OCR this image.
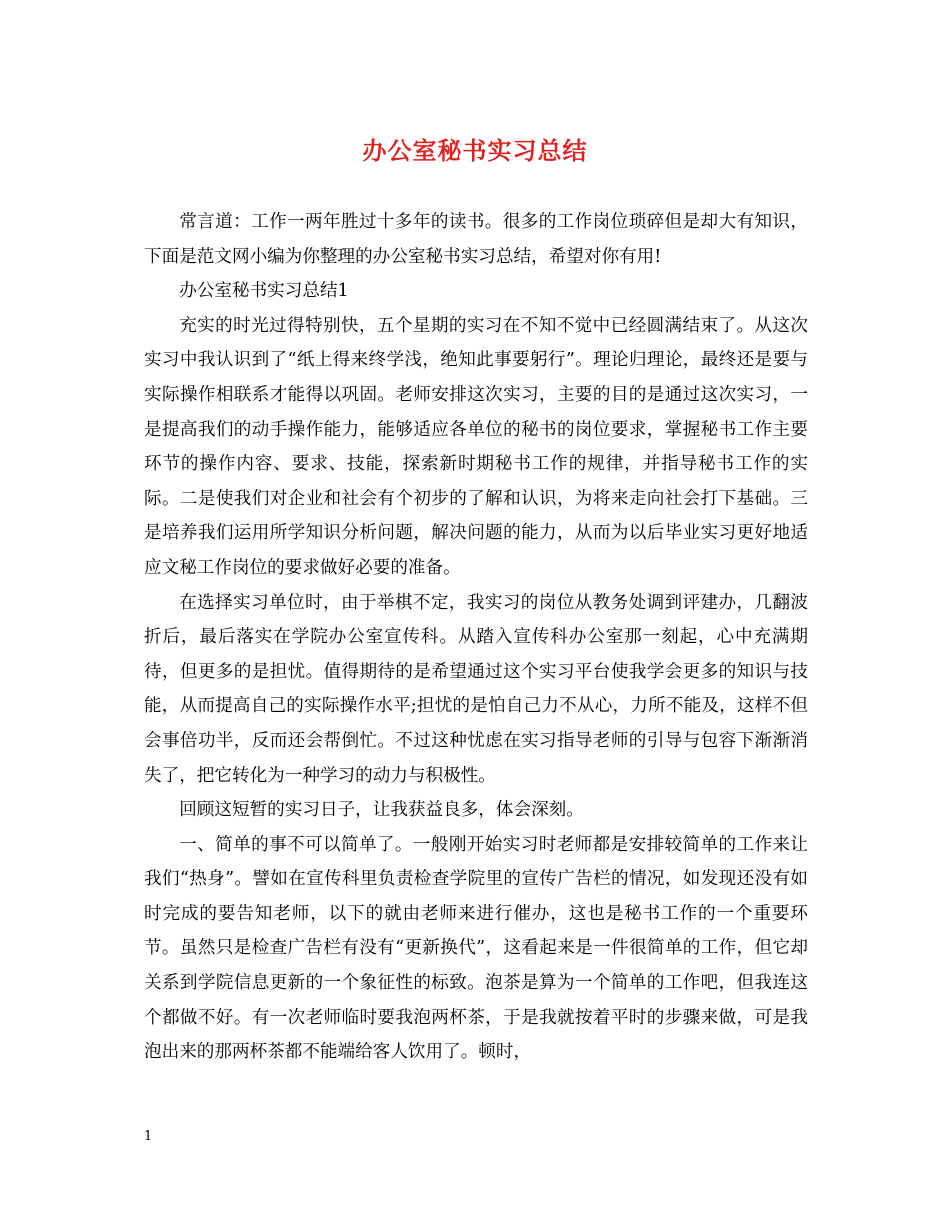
办公室秘书实习总结

常言道：工作一两年胜过十多年的读书。很多的工作岗位琐碎但是却大有知识，下面是范文网小编为你整理的办公室秘书实习总结，希望对你有用!

办公室秘书实习总结1

充实的时光过得特别快，五个星期的实习在不知不觉中已经圆满结束了。从这次实习中我认识到了“纸上得来终学浅，绝知此事要躬行”。理论归理论，最终还是要与实际操作相联系才能得以巩固。老师安排这次实习，主要的目的是通过这次实习，一是提高我们的动手操作能力，能够适应各单位的秘书的岗位要求，掌握秘书工作主要环节的操作内容、要求、技能，探索新时期秘书工作的规律，并指导秘书工作的实际。二是使我们对企业和社会有个初步的了解和认识，为将来走向社会打下基础。三是培养我们运用所学知识分析问题，解决问题的能力，从而为以后毕业实习更好地适应文秘工作岗位的要求做好必要的准备。

在选择实习单位时，由于举棋不定，我实习的岗位从教务处调到评建办，几翻波折后，最后落实在学院办公室宣传科。从踏入宣传科办公室那一刻起，心中充满期待，但更多的是担忧。值得期待的是希望通过这个实习平台使我学会更多的知识与技能，从而提高自己的实际操作水平;担忧的是怕自己力不从心，力所不能及，这样不但会事倍功半，反而还会帮倒忙。不过这种忧虑在实习指导老师的引导与包容下渐渐消失了，把它转化为一种学习的动力与积极性。

回顾这短暂的实习日子，让我获益良多，体会深刻。

一、简单的事不可以简单了。一般刚开始实习时老师都是安排较简单的工作来让我们“热身”。譬如在宣传科里负责检查学院里的宣传广告栏的情况，如发现还没有如时完成的要告知老师，以下的就由老师来进行催办，这也是秘书工作的一个重要环节。虽然只是检查广告栏有没有“更新换代”，这看起来是一件很简单的工作，但它却关系到学院信息更新的一个象征性的标致。泡茶是算为一个简单的工作吧，但我连这个都做不好。有一次老师临时要我泡两杯茶，于是我就按着平时的步骤来做，可是我泡出来的那两杯茶都不能端给客人饮用了。顿时，

1
